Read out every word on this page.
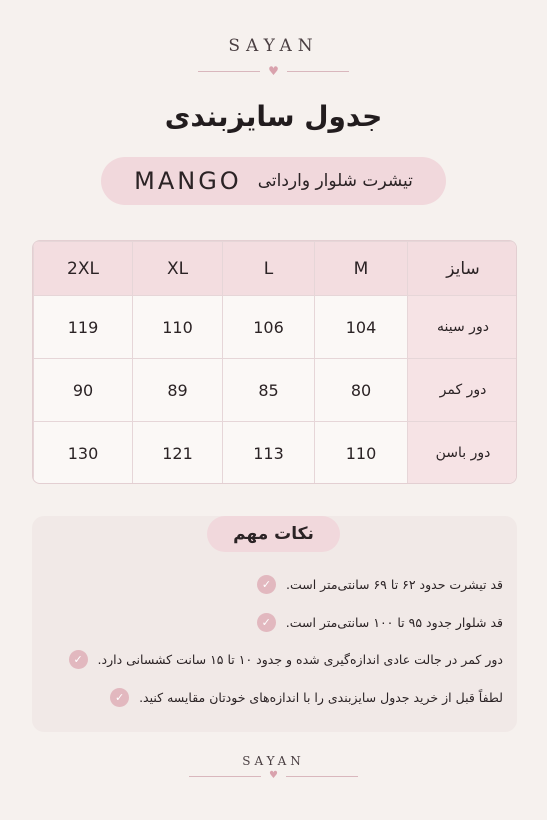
SAYAN
♥
جدول سایزبندی
MANGO تیشرت شلوار وارداتی
2XL	XL	L	M	سایز
119	110	106	104	دور سینه
90	89	85	80	دور کمر
130	121	113	110	دور باسن
نکات مهم
✓	قد تیشرت حدود ۶۲ تا ۶۹ سانتی‌متر است.
✓	قد شلوار جدود ۹۵ تا ۱۰۰ سانتی‌متر است.
✓	دور کمر در جالت عادی اندازه‌گیری شده و جدود ۱۰ تا ۱۵ سانت کشسانی دارد.
✓	لطفاً قبل از خرید جدول سایزبندی را با اندازه‌های خودتان مقایسه کنید.
SAYAN
♥
